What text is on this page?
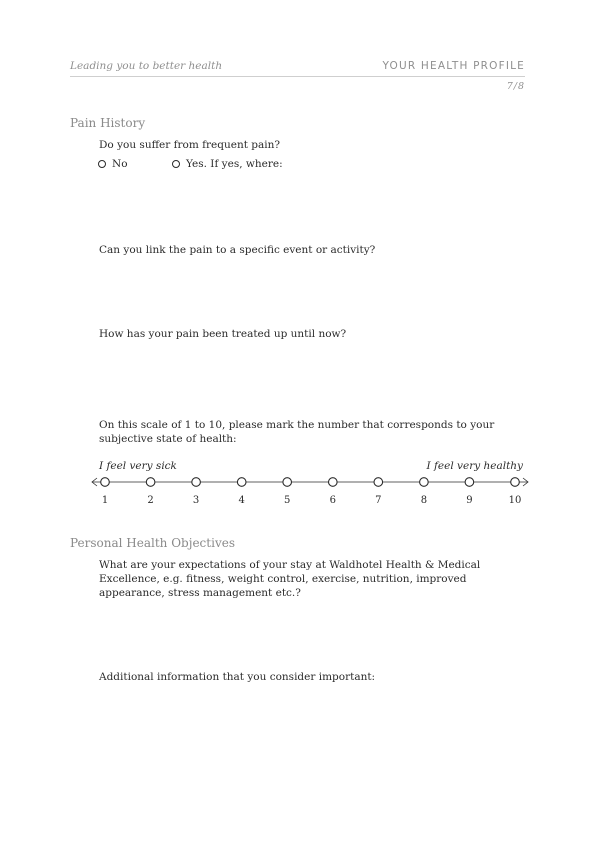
Leading you to better health	YOUR HEALTH PROFILE
7/8
Pain History
Do you suffer from frequent pain?
No	Yes. If yes, where:
Can you link the pain to a specific event or activity?
How has your pain been treated up until now?
On this scale of 1 to 10, please mark the number that corresponds to your subjective state of health:
I feel very sick	I feel very healthy
1	2	3	4	5	6	7	8	9	10
Personal Health Objectives
What are your expectations of your stay at Waldhotel Health & Medical Excellence, e.g. fitness, weight control, exercise, nutrition, improved appearance, stress management etc.?
Additional information that you consider important:
